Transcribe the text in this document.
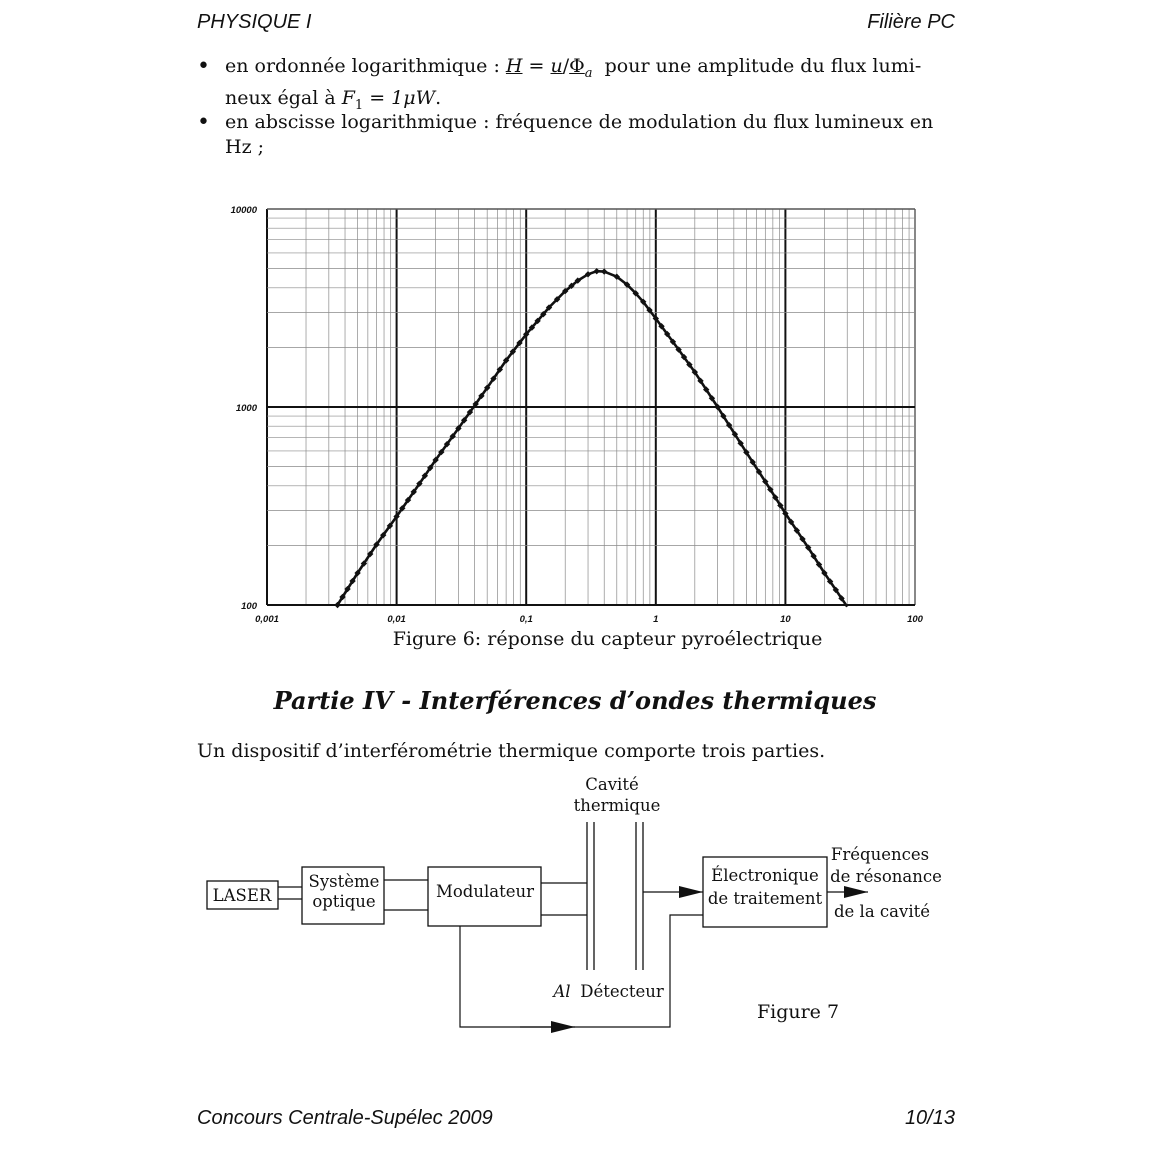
PHYSIQUE I	Filière PC
• en ordonnée logarithmique : $H = u/\Phi_a$ pour une amplitude du flux lumi-
neux égal à $F_1 = 1\mu W$.
• en abscisse logarithmique : fréquence de modulation du flux lumineux en
Hz ;
0,001	0,01	0,1	1	10	100
100
1000
10000
Figure 6: réponse du capteur pyroélectrique
Partie IV - Interférences d’ondes thermiques
Un dispositif d’interférométrie thermique comporte trois parties.
LASER
Système
optique
Modulateur
Cavité
thermique
Électronique
de traitement
Fréquences
de résonance
de la cavité
Al Détecteur
Figure 7
Concours Centrale-Supélec 2009	10/13
